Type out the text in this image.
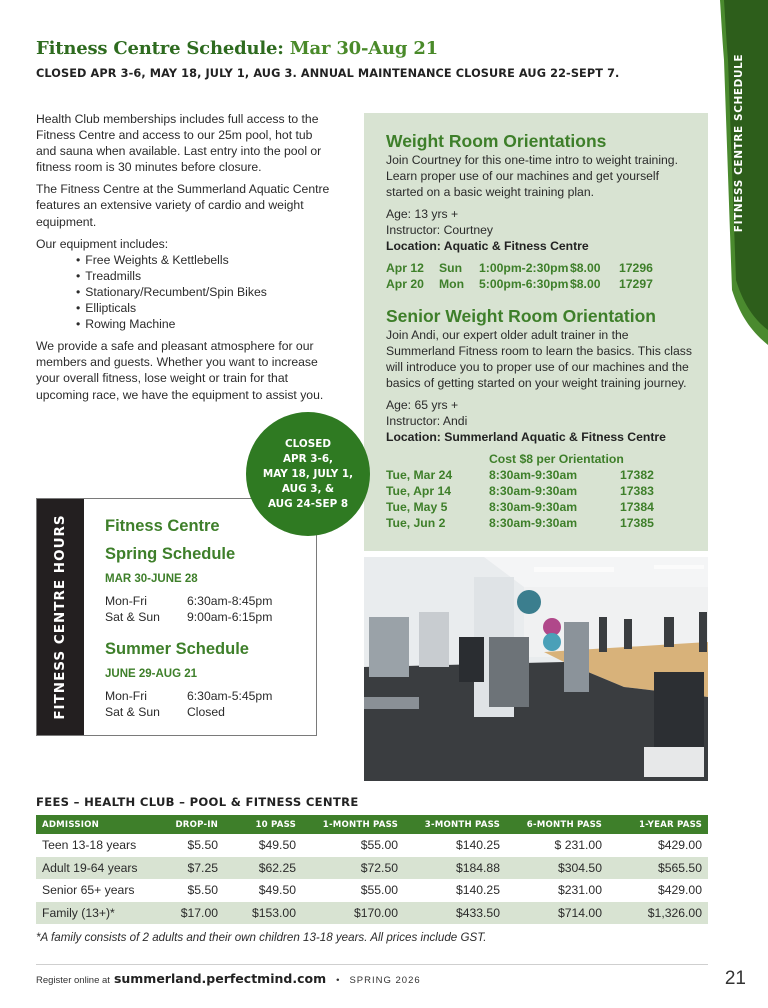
Fitness Centre Schedule: Mar 30-Aug 21
CLOSED APR 3-6, MAY 18, JULY 1, AUG 3. ANNUAL MAINTENANCE CLOSURE AUG 22-SEPT 7.	FITNESS CENTRE SCHEDULE

Health Club memberships includes full access to the Fitness Centre and access to our 25m pool, hot tub and sauna when available. Last entry into the pool or fitness room is 30 minutes before closure.

The Fitness Centre at the Summerland Aquatic Centre features an extensive variety of cardio and weight equipment.

Our equipment includes:

• Free Weights & Kettlebells
• Treadmills
• Stationary/Recumbent/Spin Bikes
• Ellipticals
• Rowing Machine

We provide a safe and pleasant atmosphere for our members and guests. Whether you want to increase your overall fitness, lose weight or train for that upcoming race, we have the equipment to assist you.

Weight Room Orientations
Join Courtney for this one-time intro to weight training. Learn proper use of our machines and get yourself started on a basic weight training plan.
Age: 13 yrs +
Instructor: Courtney
Location: Aquatic & Fitness Centre
Apr 12	Sun	1:00pm-2:30pm $8.00	17296
Apr 20	Mon	5:00pm-6:30pm $8.00	17297
Senior Weight Room Orientation
Join Andi, our expert older adult trainer in the Summerland Fitness room to learn the basics. This class will introduce you to proper use of our machines and the basics of getting started on your weight training journey.
Age: 65 yrs +
Instructor: Andi
Location: Summerland Aquatic & Fitness Centre
Cost $8 per Orientation
Tue, Mar 24	8:30am-9:30am	17382
Tue, Apr 14	8:30am-9:30am	17383
Tue, May 5	8:30am-9:30am	17384
Tue, Jun 2	8:30am-9:30am	17385
CLOSED
APR 3-6,
MAY 18, JULY 1,
AUG 3, &
AUG 24-SEP 8
FITNESS CENTRE HOURS Fitness Centre
Spring Schedule
MAR 30-JUNE 28
Mon-Fri	6:30am-8:45pm
Sat & Sun	9:00am-6:15pm
Summer Schedule
JUNE 29-AUG 21
Mon-Fri	6:30am-5:45pm
Sat & Sun	Closed
FEES – HEALTH CLUB – POOL & FITNESS CENTRE
ADMISSION	DROP-IN	10 PASS	1-MONTH PASS	3-MONTH PASS	6-MONTH PASS	1-YEAR PASS
Teen 13-18 years	$5.50	$49.50	$55.00	$140.25	$ 231.00	$429.00
Adult 19-64 years	$7.25	$62.25	$72.50	$184.88	$304.50	$565.50
Senior 65+ years	$5.50	$49.50	$55.00	$140.25	$231.00	$429.00
Family (13+)*	$17.00	$153.00	$170.00	$433.50	$714.00	$1,326.00
*A family consists of 2 adults and their own children 13-18 years. All prices include GST.
Register online at summerland.perfectmind.com • SPRING 2026	21
